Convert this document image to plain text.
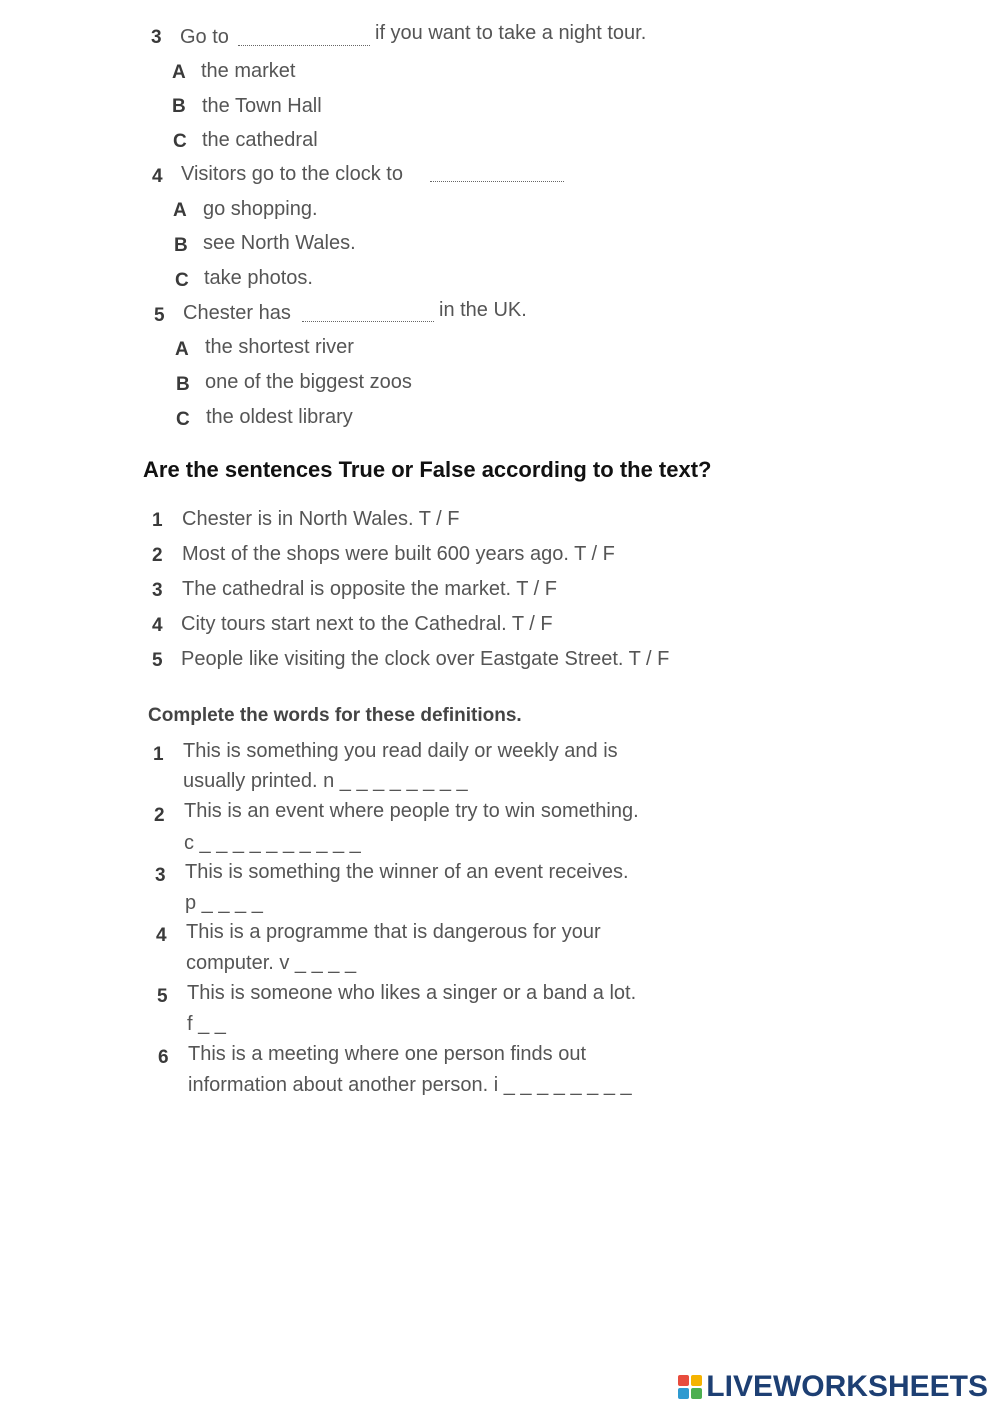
3 Go to	if you want to take a night tour.
A the market
B the Town Hall
C the cathedral
4 Visitors go to the clock to
A go shopping.
B see North Wales.
C take photos.
5 Chester has	in the UK.
A the shortest river
B one of the biggest zoos
C the oldest library
Are the sentences True or False according to the text?
1 Chester is in North Wales. T / F
2 Most of the shops were built 600 years ago. T / F
3 The cathedral is opposite the market. T / F
4 City tours start next to the Cathedral. T / F
5 People like visiting the clock over Eastgate Street. T / F
Complete the words for these definitions.
1 This is something you read daily or weekly and is
usually printed. n _ _ _ _ _ _ _ _
2 This is an event where people try to win something.
c _ _ _ _ _ _ _ _ _ _
3 This is something the winner of an event receives.
p _ _ _ _
4 This is a programme that is dangerous for your
computer. v _ _ _ _
5 This is someone who likes a singer or a band a lot.
f _ _
6 This is a meeting where one person finds out
information about another person. i _ _ _ _ _ _ _ _
LIVEWORKSHEETS
